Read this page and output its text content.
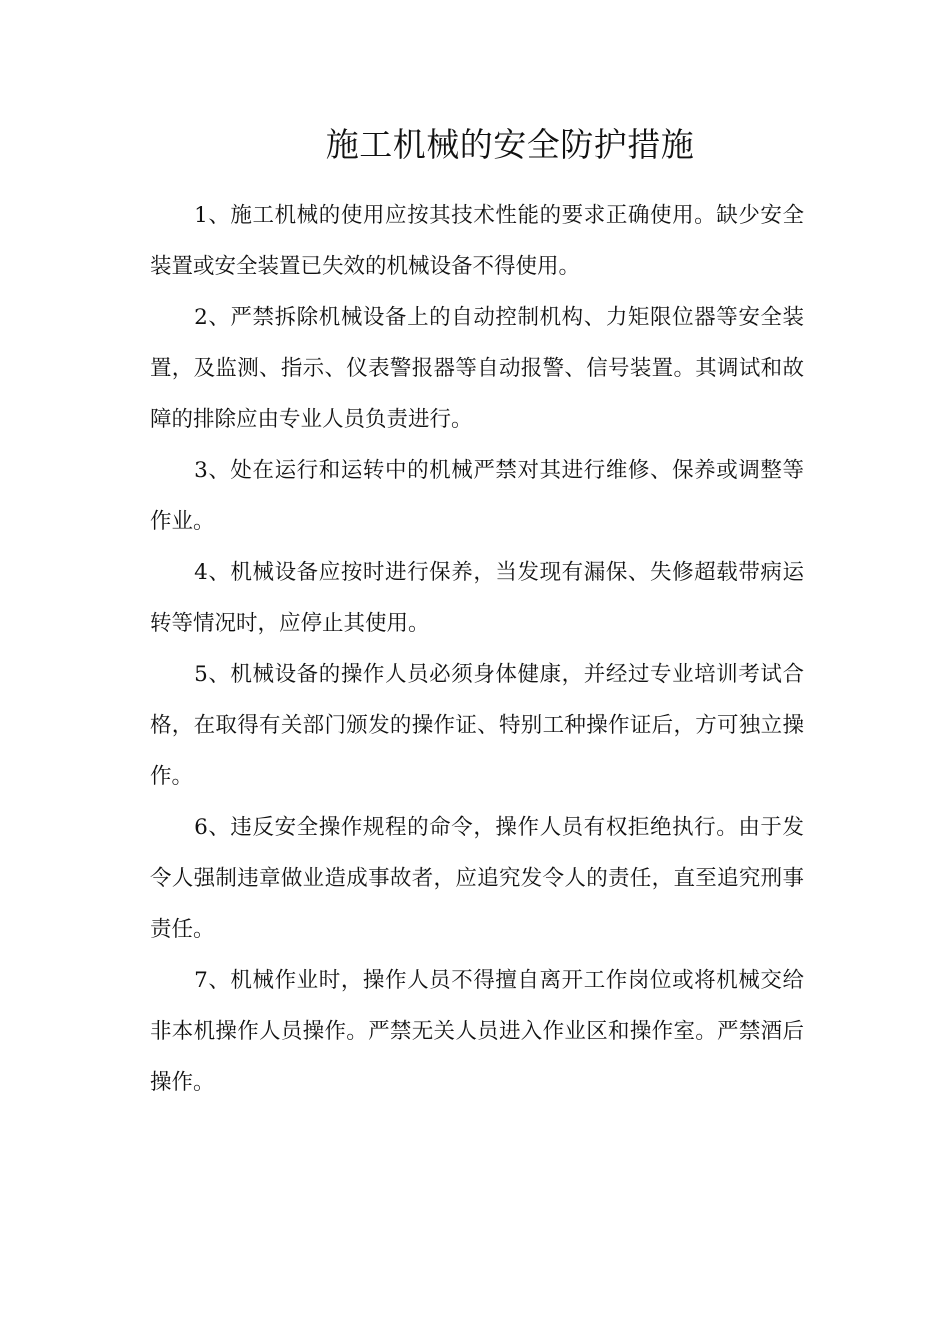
施工机械的安全防护措施

1、施工机械的使用应按其技术性能的要求正确使用。缺少安全装置或安全装置已失效的机械设备不得使用。

2、严禁拆除机械设备上的自动控制机构、力矩限位器等安全装置，及监测、指示、仪表警报器等自动报警、信号装置。其调试和故障的排除应由专业人员负责进行。

3、处在运行和运转中的机械严禁对其进行维修、保养或调整等作业。

4、机械设备应按时进行保养，当发现有漏保、失修超载带病运转等情况时，应停止其使用。

5、机械设备的操作人员必须身体健康，并经过专业培训考试合格，在取得有关部门颁发的操作证、特别工种操作证后，方可独立操作。

6、违反安全操作规程的命令，操作人员有权拒绝执行。由于发令人强制违章做业造成事故者，应追究发令人的责任，直至追究刑事责任。

7、机械作业时，操作人员不得擅自离开工作岗位或将机械交给非本机操作人员操作。严禁无关人员进入作业区和操作室。严禁酒后操作。
